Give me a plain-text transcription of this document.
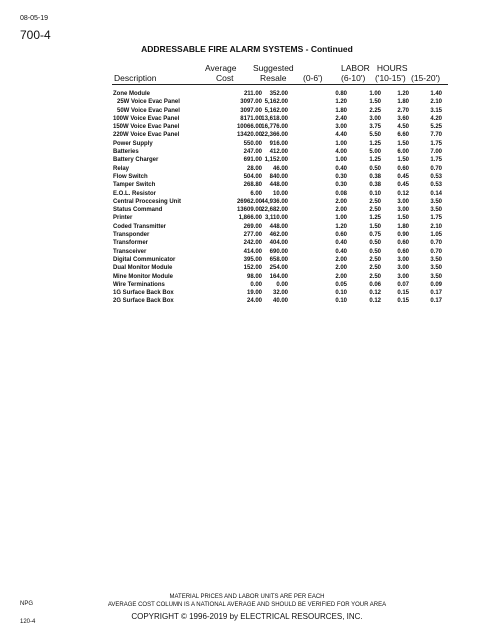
08-05-19
700-4
ADDRESSABLE FIRE ALARM SYSTEMS - Continued
Average
Cost
Suggested
Resale
LABOR   HOURS
Description	(0-6') (6-10') ('10-15') (15-20')
Zone Module	211.00 352.00	0.80	1.00	1.20	1.40
25W Voice Evac Panel	3097.00 5,162.00	1.20	1.50	1.80	2.10
50W Voice Evac Panel	3097.00 5,162.00	1.80	2.25	2.70	3.15
100W Voice Evac Panel	8171.00 13,618.00	2.40	3.00	3.60	4.20
150W Voice Evac Panel	10066.00 16,776.00	3.00	3.75	4.50	5.25
220W Voice Evac Panel	13420.00 22,366.00	4.40	5.50	6.60	7.70
Power Supply	550.00 916.00	1.00	1.25	1.50	1.75
Batteries	247.00 412.00	4.00	5.00	6.00	7.00
Battery Charger	691.00 1,152.00	1.00	1.25	1.50	1.75
Relay	28.00 46.00	0.40	0.50	0.60	0.70
Flow Switch	504.00 840.00	0.30	0.38	0.45	0.53
Tamper Switch	268.80 448.00	0.30	0.38	0.45	0.53
E.O.L. Resistor	6.00 10.00	0.08	0.10	0.12	0.14
Central Proccesing Unit	26962.00 44,936.00	2.00	2.50	3.00	3.50
Status Command	13609.00 22,682.00	2.00	2.50	3.00	3.50
Printer	1,866.00 3,110.00	1.00	1.25	1.50	1.75
Coded Transmitter	269.00 448.00	1.20	1.50	1.80	2.10
Transponder	277.00 462.00	0.60	0.75	0.90	1.05
Transformer	242.00 404.00	0.40	0.50	0.60	0.70
Transceiver	414.00 690.00	0.40	0.50	0.60	0.70
Digital Communicator	395.00 658.00	2.00	2.50	3.00	3.50
Dual Monitor Module	152.00 254.00	2.00	2.50	3.00	3.50
Mine Monitor Module	98.00 164.00	2.00	2.50	3.00	3.50
Wire Terminations	0.00 0.00	0.05	0.06	0.07	0.09
1G Surface Back Box	19.00 32.00	0.10	0.12	0.15	0.17
2G Surface Back Box	24.00 40.00	0.10	0.12	0.15	0.17
NPG
120-4
MATERIAL PRICES AND LABOR UNITS ARE PER EACH
AVERAGE COST COLUMN IS A NATIONAL AVERAGE AND SHOULD BE VERIFIED FOR YOUR AREA
COPYRIGHT © 1996-2019 by ELECTRICAL RESOURCES, INC.
